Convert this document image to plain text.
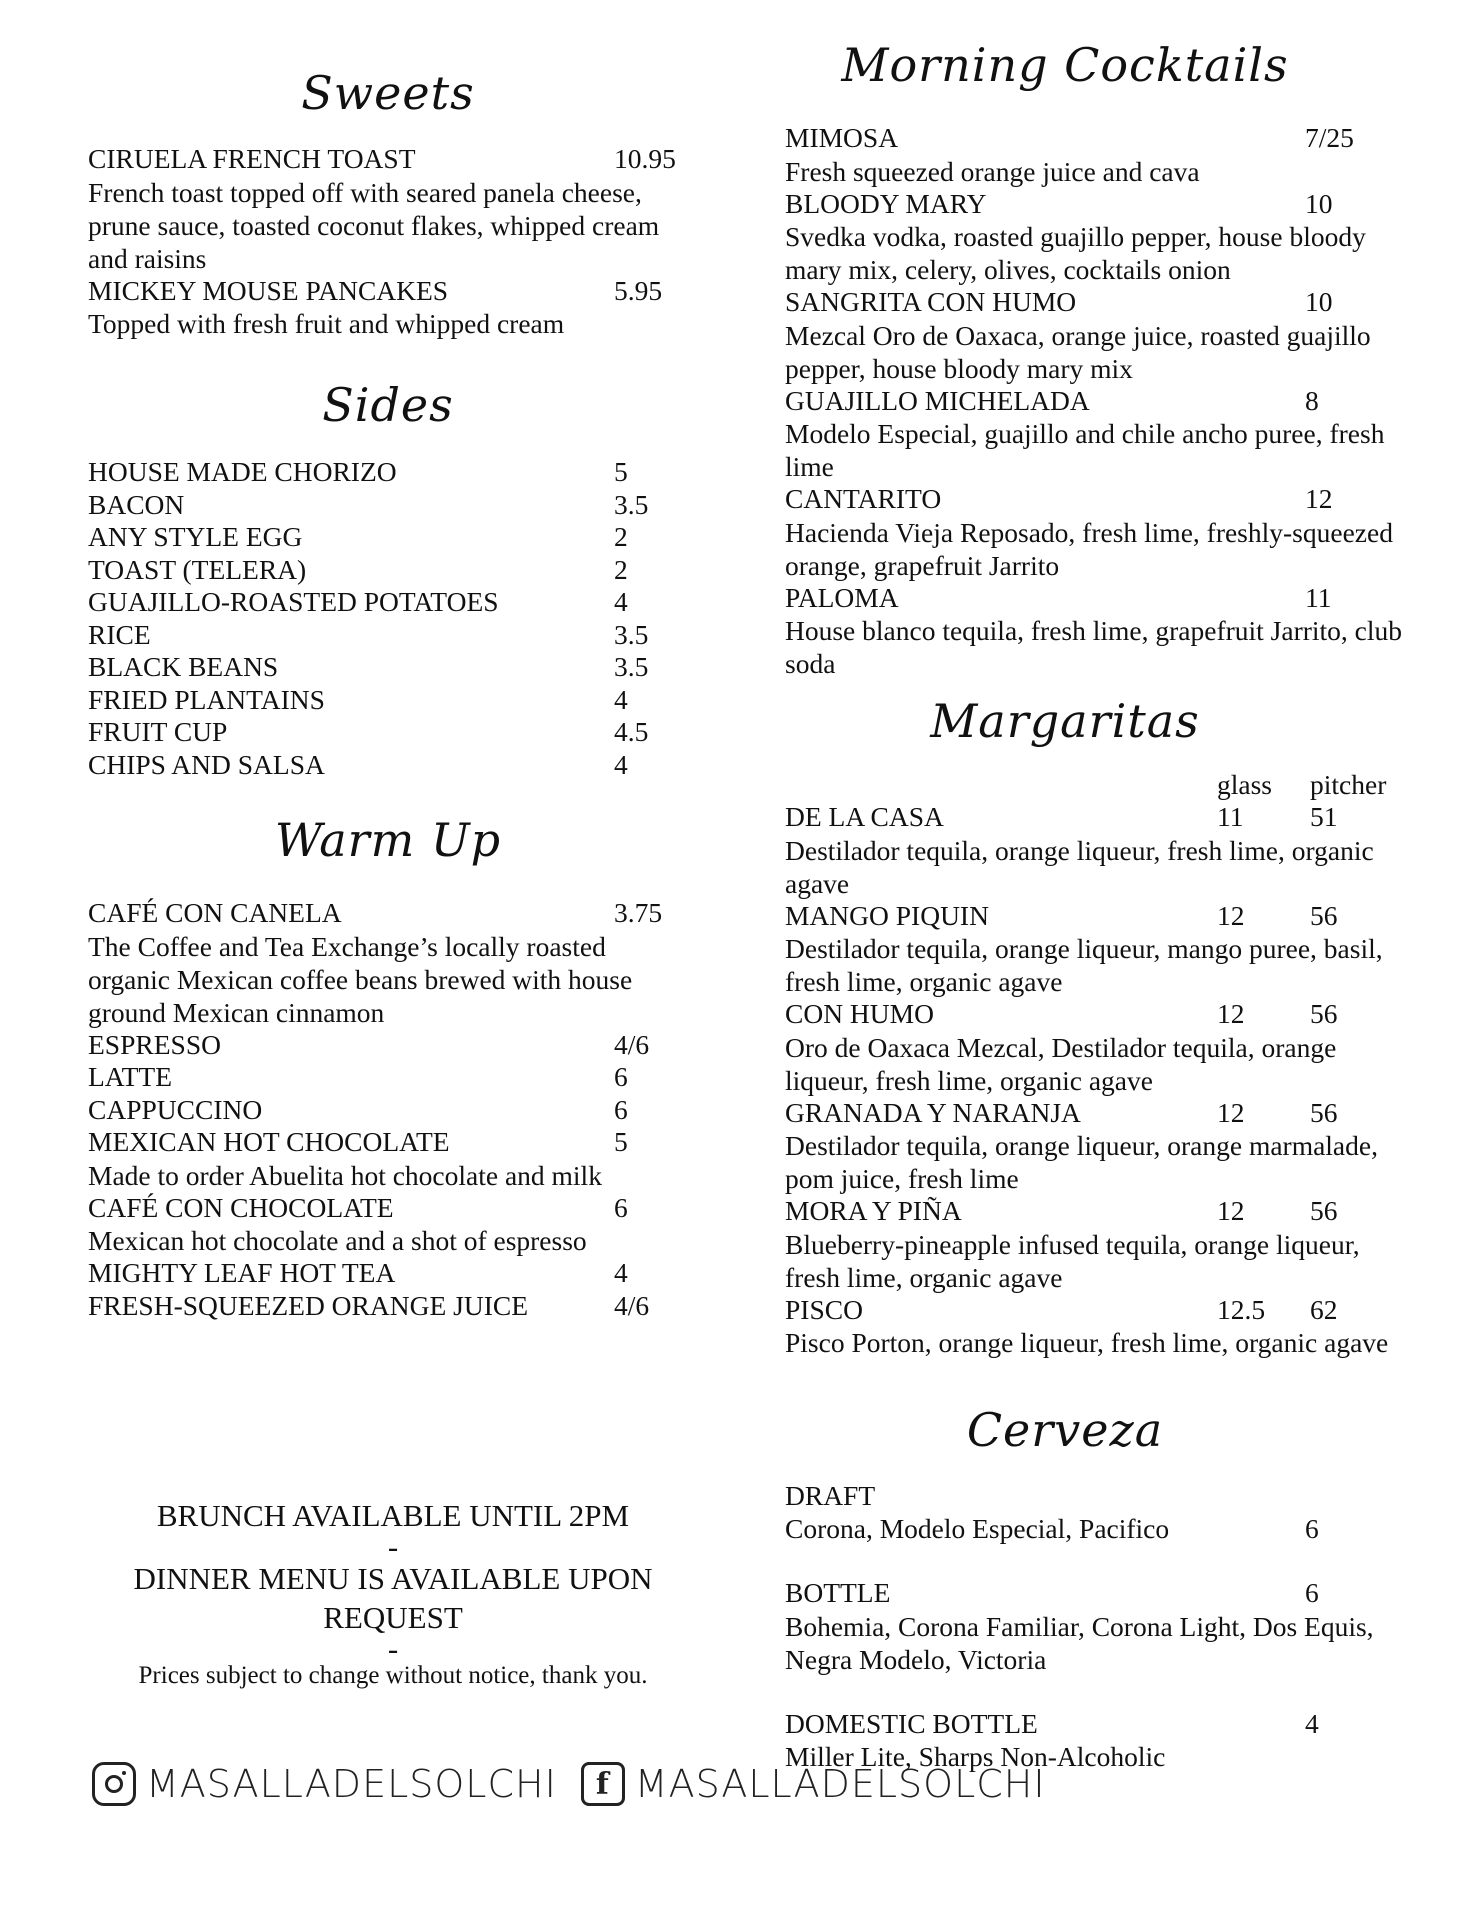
Sweets
CIRUELA FRENCH TOAST	10.95

French toast topped off with seared panela cheese, prune sauce, toasted coconut flakes, whipped cream and raisins

MICKEY MOUSE PANCAKES	5.95

Topped with fresh fruit and whipped cream

Sides
HOUSE MADE CHORIZO	5
BACON	3.5
ANY STYLE EGG	2
TOAST (TELERA)	2
GUAJILLO-ROASTED POTATOES	4
RICE	3.5
BLACK BEANS	3.5
FRIED PLANTAINS	4
FRUIT CUP	4.5
CHIPS AND SALSA	4
Warm Up
CAFÉ CON CANELA	3.75

The Coffee and Tea Exchange’s locally roasted organic Mexican coffee beans brewed with house ground Mexican cinnamon

ESPRESSO	4/6
LATTE	6
CAPPUCCINO	6
MEXICAN HOT CHOCOLATE	5

Made to order Abuelita hot chocolate and milk

CAFÉ CON CHOCOLATE	6

Mexican hot chocolate and a shot of espresso

MIGHTY LEAF HOT TEA	4
FRESH-SQUEEZED ORANGE JUICE	4/6
BRUNCH AVAILABLE UNTIL 2PM
-
DINNER MENU IS AVAILABLE UPON REQUEST
-
Prices subject to change without notice, thank you.
MASALLADELSOLCHI	f MASALLADELSOLCHI
Morning Cocktails
MIMOSA	7/25

Fresh squeezed orange juice and cava

BLOODY MARY	10

Svedka vodka, roasted guajillo pepper, house bloody mary mix, celery, olives, cocktails onion

SANGRITA CON HUMO	10

Mezcal Oro de Oaxaca, orange juice, roasted guajillo pepper, house bloody mary mix

GUAJILLO MICHELADA	8

Modelo Especial, guajillo and chile ancho puree, fresh lime

CANTARITO	12

Hacienda Vieja Reposado, fresh lime, freshly-squeezed orange, grapefruit Jarrito

PALOMA	11

House blanco tequila, fresh lime, grapefruit Jarrito, club soda

Margaritas
glass pitcher
DE LA CASA	11 51

Destilador tequila, orange liqueur, fresh lime, organic agave

MANGO PIQUIN	12 56

Destilador tequila, orange liqueur, mango puree, basil, fresh lime, organic agave

CON HUMO	12 56

Oro de Oaxaca Mezcal, Destilador tequila, orange liqueur, fresh lime, organic agave

GRANADA Y NARANJA	12 56

Destilador tequila, orange liqueur, orange marmalade, pom juice, fresh lime

MORA Y PIÑA	12 56

Blueberry-pineapple infused tequila, orange liqueur, fresh lime, organic agave

PISCO	12.5 62

Pisco Porton, orange liqueur, fresh lime, organic agave

Cerveza
DRAFT
Corona, Modelo Especial, Pacifico	6
BOTTLE	6

Bohemia, Corona Familiar, Corona Light, Dos Equis, Negra Modelo, Victoria

DOMESTIC BOTTLE	4

Miller Lite, Sharps Non-Alcoholic
